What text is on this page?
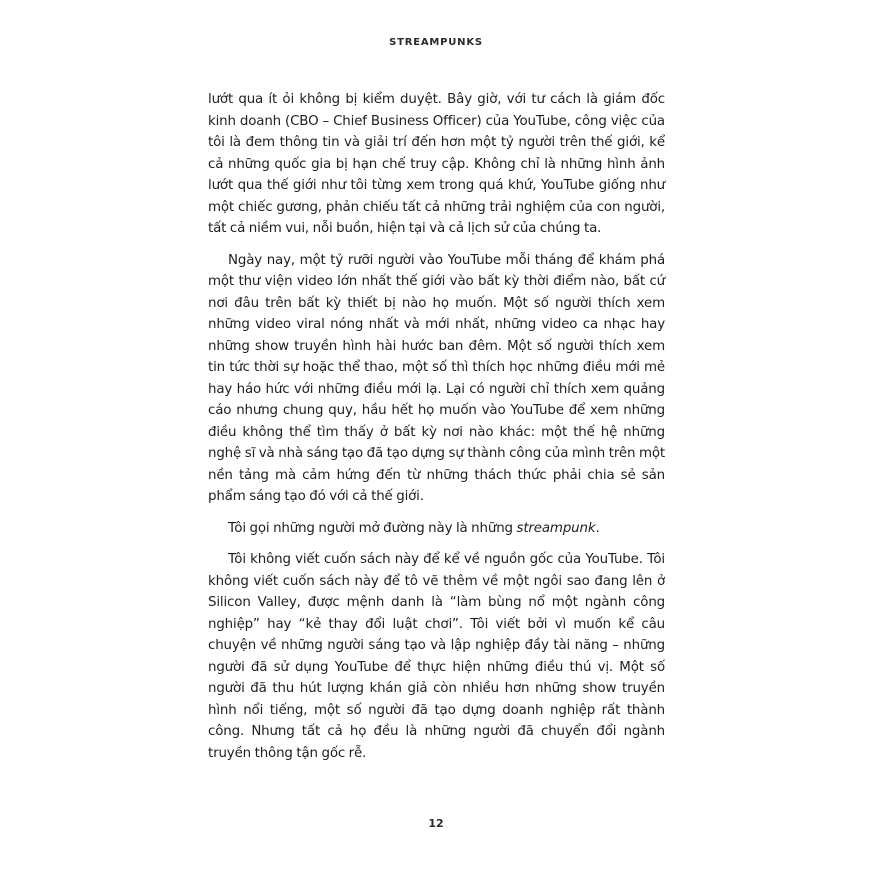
STREAMPUNKS

lướt qua ít ỏi không bị kiểm duyệt. Bây giờ, với tư cách là giám đốc kinh doanh (CBO – Chief Business Officer) của YouTube, công việc của tôi là đem thông tin và giải trí đến hơn một tỷ người trên thế giới, kể cả những quốc gia bị hạn chế truy cập. Không chỉ là những hình ảnh lướt qua thế giới như tôi từng xem trong quá khứ, YouTube giống như một chiếc gương, phản chiếu tất cả những trải nghiệm của con người, tất cả niềm vui, nỗi buồn, hiện tại và cả lịch sử của chúng ta.

Ngày nay, một tỷ rưỡi người vào YouTube mỗi tháng để khám phá một thư viện video lớn nhất thế giới vào bất kỳ thời điểm nào, bất cứ nơi đâu trên bất kỳ thiết bị nào họ muốn. Một số người thích xem những video viral nóng nhất và mới nhất, những video ca nhạc hay những show truyền hình hài hước ban đêm. Một số người thích xem tin tức thời sự hoặc thể thao, một số thì thích học những điều mới mẻ hay háo hức với những điều mới lạ. Lại có người chỉ thích xem quảng cáo nhưng chung quy, hầu hết họ muốn vào YouTube để xem những điều không thể tìm thấy ở bất kỳ nơi nào khác: một thế hệ những nghệ sĩ và nhà sáng tạo đã tạo dựng sự thành công của mình trên một nền tảng mà cảm hứng đến từ những thách thức phải chia sẻ sản phẩm sáng tạo đó với cả thế giới.

Tôi gọi những người mở đường này là những streampunk.

Tôi không viết cuốn sách này để kể về nguồn gốc của YouTube. Tôi không viết cuốn sách này để tô vẽ thêm về một ngôi sao đang lên ở Silicon Valley, được mệnh danh là “làm bùng nổ một ngành công nghiệp” hay “kẻ thay đổi luật chơi”. Tôi viết bởi vì muốn kể câu chuyện về những người sáng tạo và lập nghiệp đầy tài năng – những người đã sử dụng YouTube để thực hiện những điều thú vị. Một số người đã thu hút lượng khán giả còn nhiều hơn những show truyền hình nổi tiếng, một số người đã tạo dựng doanh nghiệp rất thành công. Nhưng tất cả họ đều là những người đã chuyển đổi ngành truyền thông tận gốc rễ.

12
